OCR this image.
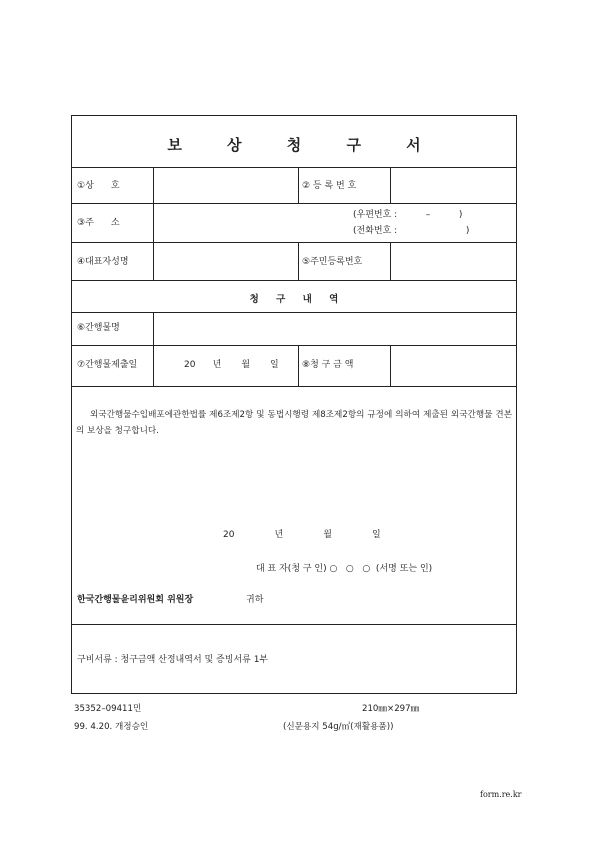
보 상 청 구 서
①상      호	② 등 록 번 호
③주      소
(우편번호 :          –          )
(전화번호 :                        )
④대표자성명	⑤주민등록번호
청 구 내 역
⑥간행물명
⑦간행물제출일	20      년       월       일	⑧청 구 금 액
외국간행물수입배포에관한법률 제6조제2항 및 동법시행령 제8조제2항의 규정에 의하여 제출된 외국간행물 견본의 보상을 청구합니다.
20              년              월              일
대 표 자(청 구 인) ○   ○   ○  (서명 또는 인)
한국간행물윤리위원회 위원장	귀하
구비서류 : 청구금액 산정내역서 및 증빙서류 1부
35352–09411민
99. 4.20. 개정승인
210㎜×297㎜
(신문용지 54g/㎡(재활용품))
form.re.kr
